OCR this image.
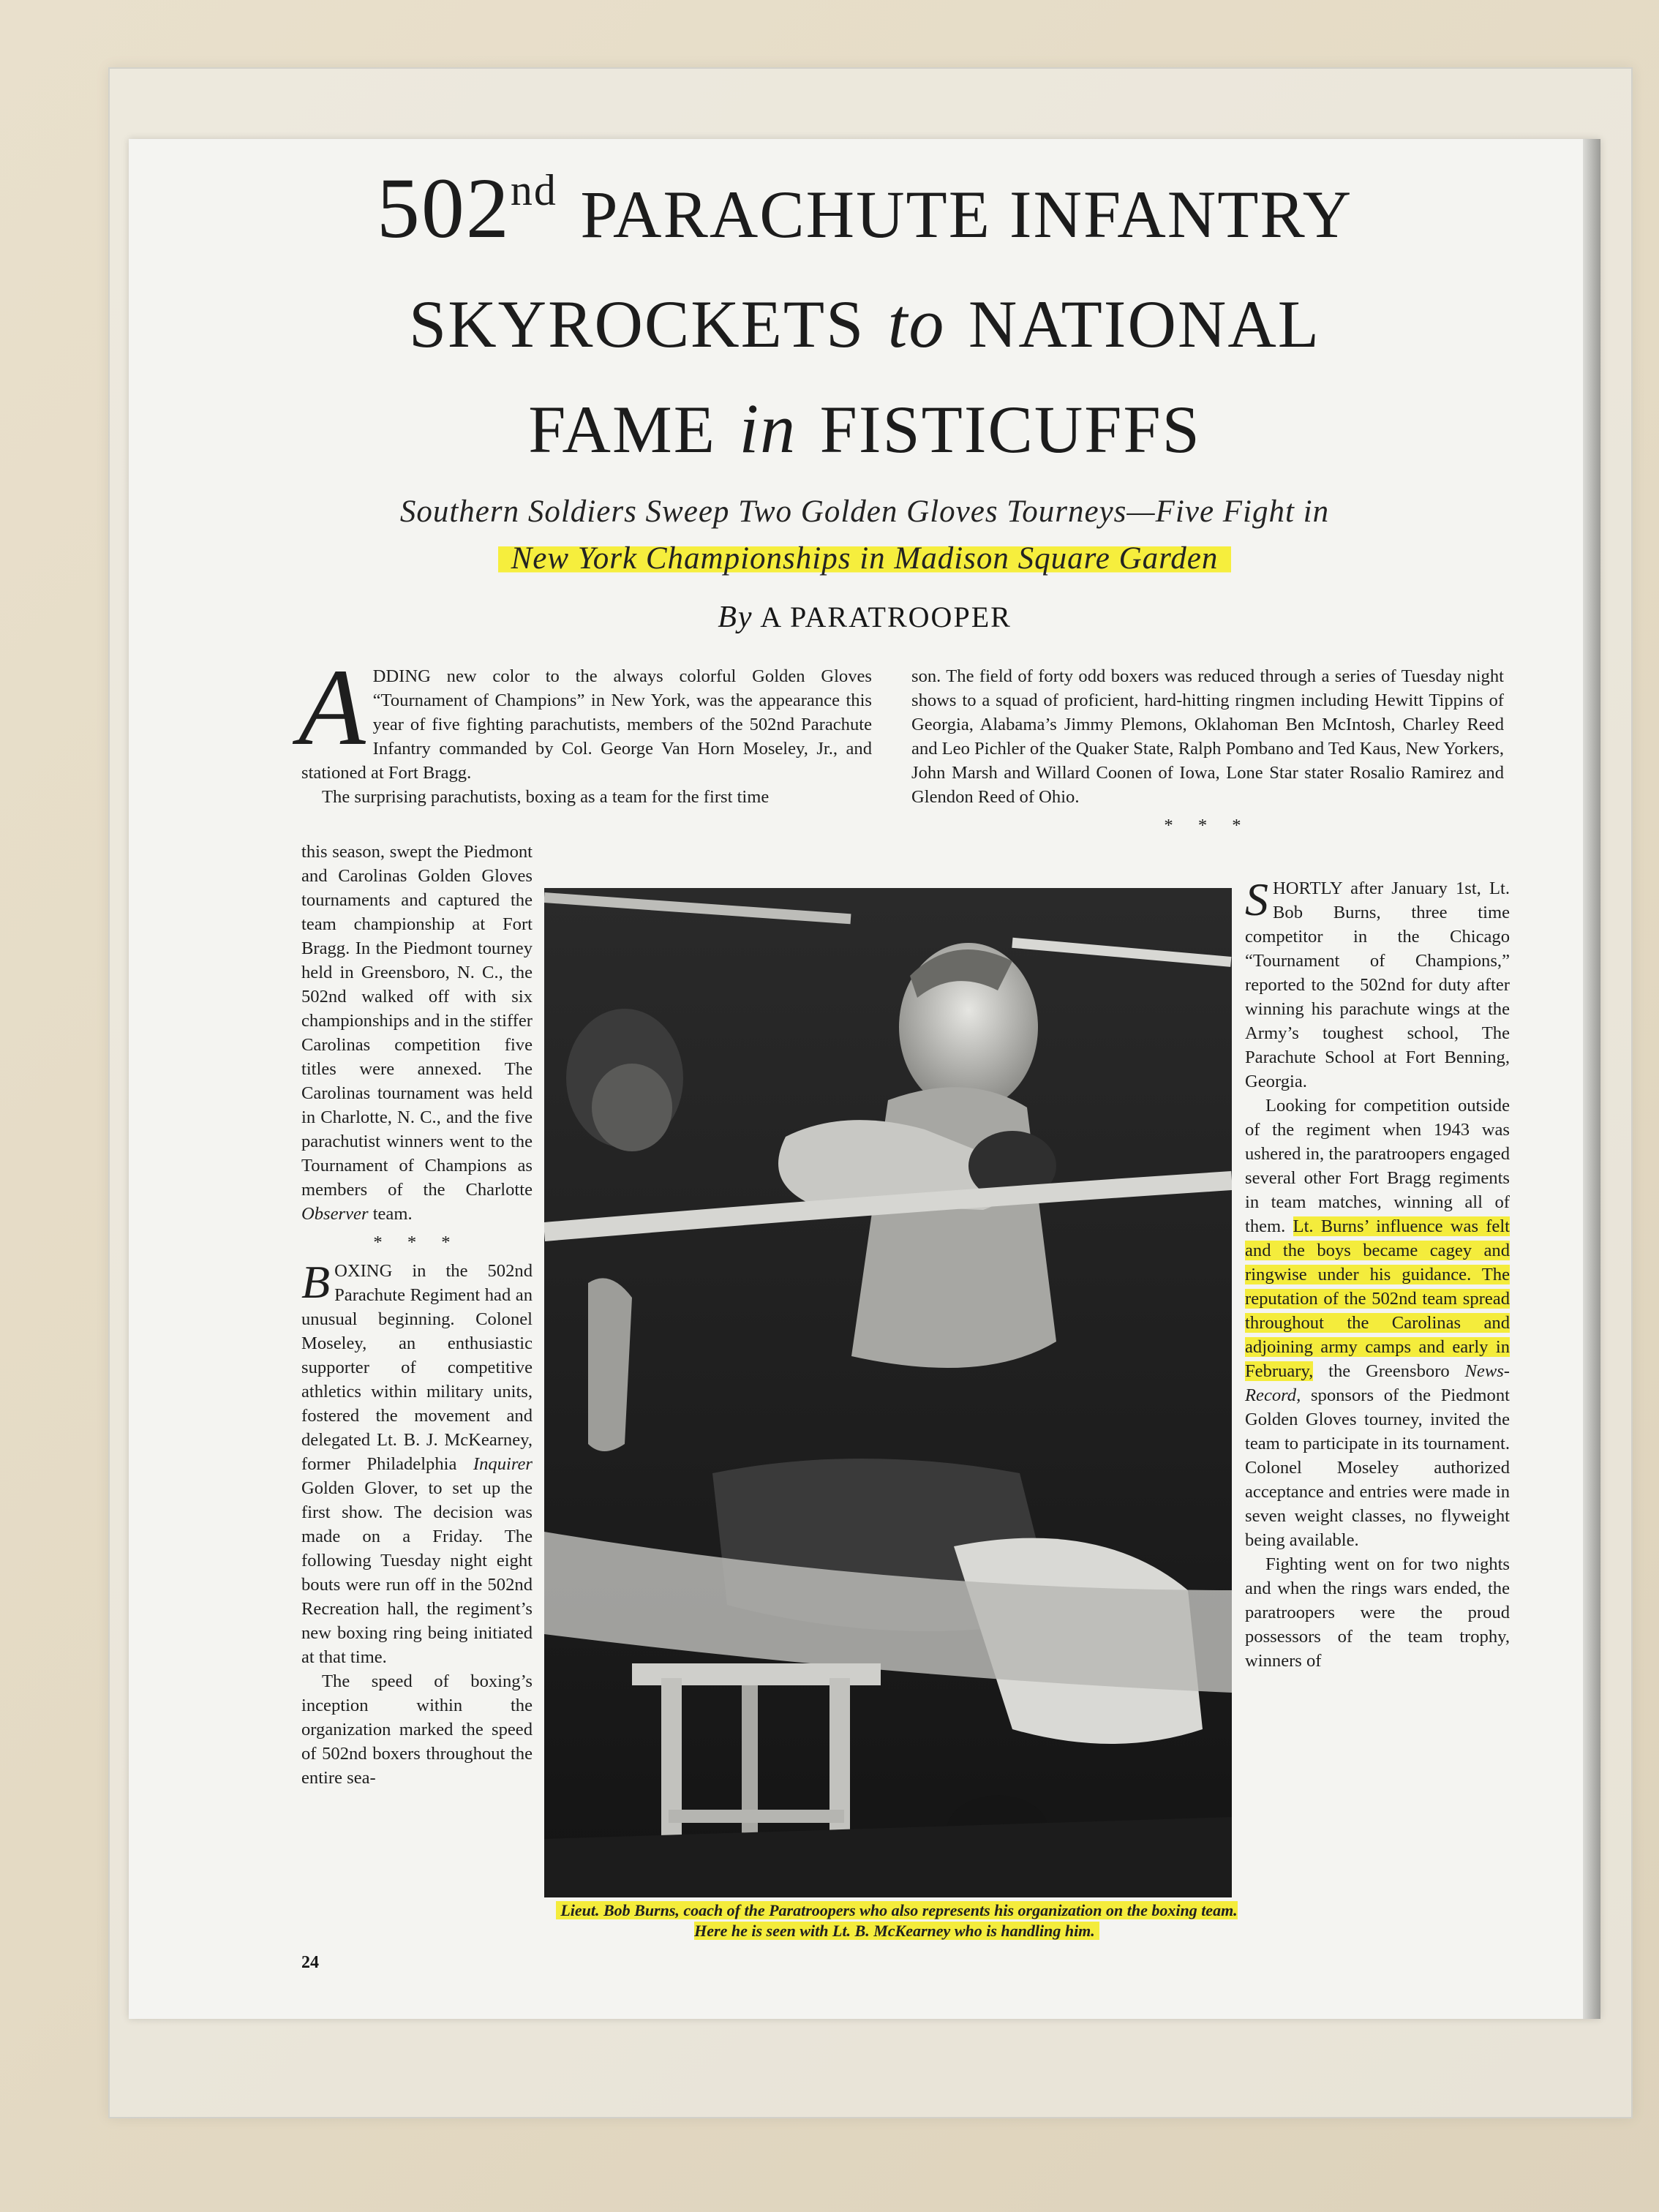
502nd PARACHUTE INFANTRY
SKYROCKETS to NATIONAL
FAME in FISTICUFFS
Southern Soldiers Sweep Two Golden Gloves Tourneys—Five Fight in
New York Championships in Madison Square Garden
By A PARATROOPER

ADDING new color to the always colorful Golden Gloves “Tournament of Champions” in New York, was the appearance this year of five fighting parachutists, members of the 502nd Parachute Infantry commanded by Col. George Van Horn Moseley, Jr., and stationed at Fort Bragg.

The surprising parachutists, boxing as a team for the first time

son. The field of forty odd boxers was reduced through a series of Tuesday night shows to a squad of proficient, hard-hitting ringmen including Hewitt Tippins of Georgia, Alabama’s Jimmy Plemons, Oklahoman Ben McIntosh, Charley Reed and Leo Pichler of the Quaker State, Ralph Pombano and Ted Kaus, New Yorkers, John Marsh and Willard Coonen of Iowa, Lone Star stater Rosalio Ramirez and Glendon Reed of Ohio.

* * *

this season, swept the Piedmont and Carolinas Golden Gloves tournaments and captured the team championship at Fort Bragg. In the Piedmont tourney held in Greensboro, N. C., the 502nd walked off with six championships and in the stiffer Carolinas competition five titles were annexed. The Carolinas tournament was held in Charlotte, N. C., and the five parachutist winners went to the Tournament of Champions as members of the Charlotte Observer team.

* * *

BOXING in the 502nd Parachute Regiment had an unusual beginning. Colonel Moseley, an enthusiastic supporter of competitive athletics within military units, fostered the movement and delegated Lt. B. J. McKearney, former Philadelphia Inquirer Golden Glover, to set up the first show. The decision was made on a Friday. The following Tuesday night eight bouts were run off in the 502nd Recreation hall, the regiment’s new boxing ring being initiated at that time.

The speed of boxing’s inception within the organization marked the speed of 502nd boxers throughout the entire sea-

Lieut. Bob Burns, coach of the Paratroopers who also represents his organization on the boxing team. Here he is seen with Lt. B. McKearney who is handling him.

SHORTLY after January 1st, Lt. Bob Burns, three time competitor in the Chicago “Tournament of Champions,” reported to the 502nd for duty after winning his parachute wings at the Army’s toughest school, The Parachute School at Fort Benning, Georgia.

Looking for competition outside of the regiment when 1943 was ushered in, the paratroopers engaged several other Fort Bragg regiments in team matches, winning all of them. Lt. Burns’ influence was felt and the boys became cagey and ringwise under his guidance. The reputation of the 502nd team spread throughout the Carolinas and adjoining army camps and early in February, the Greensboro News-Record, sponsors of the Piedmont Golden Gloves tourney, invited the team to participate in its tournament. Colonel Moseley authorized acceptance and entries were made in seven weight classes, no flyweight being available.

Fighting went on for two nights and when the rings wars ended, the paratroopers were the proud possessors of the team trophy, winners of

24
